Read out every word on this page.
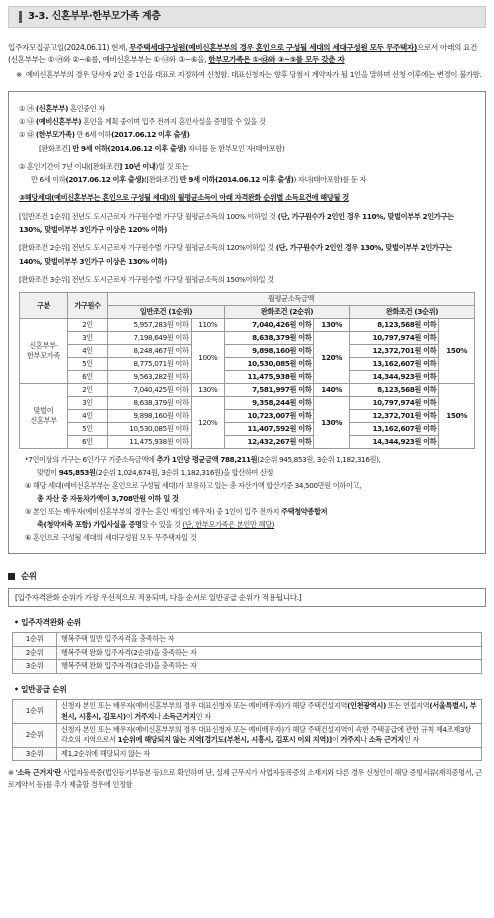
3-3. 신혼부부·한부모가족 계층
입주자모집공고일(2024.06.11) 현재, 무주택세대구성원(예비신혼부부의 경우 혼인으로 구성될 세대의 세대구성원 모두 무주택자)으로서 아래의 요건(신혼부부는 ①·㉮와 ②~⑥를, 예비신혼부부는 ①·㉯와 ③~⑥을, 한부모가족은 ①·㉰와 ③~⑤를 모두 갖춘 자
※ 예비신혼부부의 경우 당사자 2인 중 1인을 대표로 지정하여 신청함. 대표신청자는 향후 당첨시 계약자가 될 1인을 말하며 신청 이후에는 변경이 불가함.
① ㉮ (신혼부부) 혼인중인 자
① ㉯ (예비신혼부부) 혼인을 계획 중이며 입주 전까지 혼인사실을 증명할 수 있을 것
① ㉰ (한부모가족) 만 6세 이하(2017.06.12 이후 출생)
[완화조건] 만 9세 이하(2014.06.12 이후 출생) 자녀를 둔 한부모인 자(태아포함)
② 혼인기간이 7년 이내([완화조건] 10년 이내)일 것 또는
만 6세 이하(2017.06.12 이후 출생)([완화조건] 만 9세 이하(2014.06.12 이후 출생)) 자녀(태아포함)를 둔 자
③해당세대(예비신혼부부는 혼인으로 구성될 세대)의 월평균소득이 아래 자격완화 순위별 소득요건에 해당될 것
[일반조건 1순위] 전년도 도시근로자 가구원수별 가구당 월평균소득의 100% 이하일 것 (단, 가구원수가 2인인 경우 110%, 맞벌이부부 2인가구는 130%, 맞벌이부부 3인가구 이상은 120% 이하)
[완화조건 2순위] 전년도 도시근로자 가구원수별 가구당 월평균소득의 120%이하일 것 (단, 가구원수가 2인인 경우 130%, 맞벌이부부 2인가구는 140%, 맞벌이부부 3인가구 이상은 130% 이하)
[완화조건 3순위] 전년도 도시근로자 가구원수별 가구당 월평균소득의 150%이하일 것
구분	가구원수	월평균소득금액					
		일반조건 (1순위)		완화조건 (2순위)		완화조건 (3순위)	
신혼부부·
한부모가족	2인	5,957,283원 이하	110%	7,040,426원 이하	130%	8,123,568원 이하	150%
	3인	7,198,649원 이하	100%	8,638,379원 이하	120%	10,797,974원 이하	
	4인	8,248,467원 이하		9,898,160원 이하		12,372,701원 이하	
	5인	8,775,071원 이하		10,530,085원 이하		13,162,607원 이하	
	6인	9,563,282원 이하		11,475,938원 이하		14,344,923원 이하	
맞벌이
신혼부부	2인	7,040,425원 이하	130%	7,581,997원 이하	140%	8,123,568원 이하	150%
	3인	8,638,379원 이하	120%	9,358,244원 이하	130%	10,797,974원 이하	
	4인	9,898,160원 이하		10,723,007원 이하		12,372,701원 이하	
	5인	10,530,085원 이하		11,407,592원 이하		13,162,607원 이하	
	6인	11,475,938원 이하		12,432,267원 이하		14,344,923원 이하	
*7인이상의 가구는 6인가구 기준소득금액에 추가 1인당 평균금액 788,211원(2순위 945,853원, 3순위 1,182,316원),
맞벌이 945,853원(2순위 1,024,674원, 3순위 1,182,316원)을 합산하여 산정
④ 해당 세대(예비신혼부부는 혼인으로 구성될 세대)가 보유하고 있는 총 자산가액 합산기준 34,500만원 이하이고,
총 자산 중 자동차가액이 3,708만원 이하 일 것
⑤ 본인 또는 배우자(예비신혼부부의 경우는 혼인 예정인 배우자) 중 1인이 입주 전까지 주택청약종합저
축(청약저축 포함) 가입사실을 증명할 수 있을 것 (단, 한부모가족은 본인만 해당)
⑥ 혼인으로 구성될 세대의 세대구성원 모두 무주택자일 것
순위
[입주자격완화 순위가 가장 우선적으로 적용되며, 다음 순서로 일반공급 순위가 적용됩니다.]
• 입주자격완화 순위
1순위	행복주택 일반 입주자격을 충족하는 자
2순위	행복주택 완화 입주자격(2순위)을 충족하는 자
3순위	행복주택 완화 입주자격(3순위)을 충족하는 자
• 일반공급 순위
1순위	신청자 본인 또는 배우자(예비신혼부부의 경우 대표신청자 또는 예비배우자)가 해당 주택건설지역(인천광역시) 또는 연접지역(서울특별시, 부천시, 시흥시, 김포시)이 거주지나 소득근거지인 자
2순위	신청자 본인 또는 배우자(예비신혼부부의 경우 대표신청자 또는 예비배우자)가 해당 주택건설지역이 속한 주택공급에 관한 규칙 제4조제3항 각호의 지역으로서 1순위에 해당되지 않는 지역[경기도(부천시, 시흥시, 김포시 이외 지역)]이 거주지나 소득 근거지인 자
3순위	제1,2순위에 해당되지 않는 자
※ '소득 근거지'란 사업자등록증(법인등기부등본 등)으로 확인하며 단, 실제 근무지가 사업자등록증의 소재지와 다른 경우 신청인이 해당 증빙서류(재직증명서, 근로계약서 등)를 추가 제출할 경우에 인정함
